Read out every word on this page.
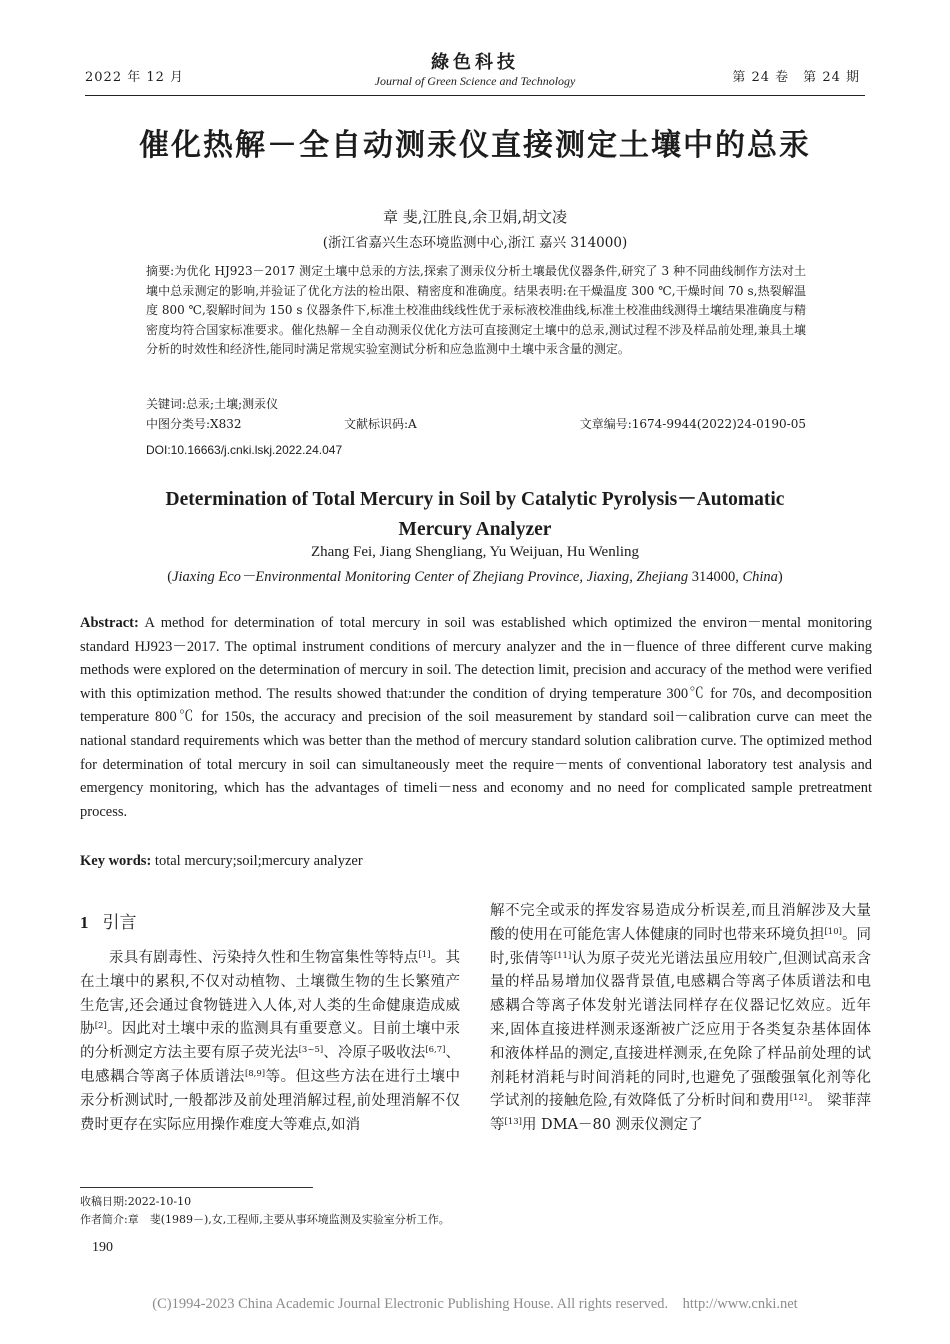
2022 年 12 月
綠色科技
Journal of Green Science and Technology	第 24 卷　第 24 期
催化热解－全自动测汞仪直接测定土壤中的总汞
章 斐,江胜良,余卫娟,胡文凌
(浙江省嘉兴生态环境监测中心,浙江 嘉兴 314000)
摘要:为优化 HJ923－2017 测定土壤中总汞的方法,探索了测汞仪分析土壤最优仪器条件,研究了 3 种不同曲线制作方法对土壤中总汞测定的影响,并验证了优化方法的检出限、精密度和准确度。结果表明:在干燥温度 300 ℃,干燥时间 70 s,热裂解温度 800 ℃,裂解时间为 150 s 仪器条件下,标准土校准曲线线性优于汞标液校准曲线,标准土校准曲线测得土壤结果准确度与精密度均符合国家标准要求。催化热解－全自动测汞仪优化方法可直接测定土壤中的总汞,测试过程不涉及样品前处理,兼具土壤分析的时效性和经济性,能同时满足常规实验室测试分析和应急监测中土壤中汞含量的测定。
关键词:总汞;土壤;测汞仪
中图分类号:X832	文献标识码:A	文章编号:1674-9944(2022)24-0190-05
DOI:10.16663/j.cnki.lskj.2022.24.047
Determination of Total Mercury in Soil by Catalytic Pyrolysis－Automatic
Mercury Analyzer
Zhang Fei, Jiang Shengliang, Yu Weijuan, Hu Wenling
(Jiaxing Eco－Environmental Monitoring Center of Zhejiang Province, Jiaxing, Zhejiang 314000, China)
Abstract: A method for determination of total mercury in soil was established which optimized the environ－mental monitoring standard HJ923－2017. The optimal instrument conditions of mercury analyzer and the in－fluence of three different curve making methods were explored on the determination of mercury in soil. The detection limit, precision and accuracy of the method were verified with this optimization method. The results showed that:under the condition of drying temperature 300℃ for 70s, and decomposition temperature 800℃ for 150s, the accuracy and precision of the soil measurement by standard soil－calibration curve can meet the national standard requirements which was better than the method of mercury standard solution calibration curve. The optimized method for determination of total mercury in soil can simultaneously meet the require－ments of conventional laboratory test analysis and emergency monitoring, which has the advantages of timeli－ness and economy and no need for complicated sample pretreatment process.
Key words: total mercury;soil;mercury analyzer
1 引言
汞具有剧毒性、污染持久性和生物富集性等特点[1]。其在土壤中的累积,不仅对动植物、土壤微生物的生长繁殖产生危害,还会通过食物链进入人体,对人类的生命健康造成威胁[2]。因此对土壤中汞的监测具有重要意义。目前土壤中汞的分析测定方法主要有原子荧光法[3~5]、冷原子吸收法[6,7]、电感耦合等离子体质谱法[8,9]等。但这些方法在进行土壤中汞分析测试时,一般都涉及前处理消解过程,前处理消解不仅费时更存在实际应用操作难度大等难点,如消
解不完全或汞的挥发容易造成分析误差,而且消解涉及大量酸的使用在可能危害人体健康的同时也带来环境负担[10]。同时,张倩等[11]认为原子荧光光谱法虽应用较广,但测试高汞含量的样品易增加仪器背景值,电感耦合等离子体质谱法和电感耦合等离子体发射光谱法同样存在仪器记忆效应。近年来,固体直接进样测汞逐渐被广泛应用于各类复杂基体固体和液体样品的测定,直接进样测汞,在免除了样品前处理的试剂耗材消耗与时间消耗的同时,也避免了强酸强氧化剂等化学试剂的接触危险,有效降低了分析时间和费用[12]。 梁菲萍等[13]用 DMA－80 测汞仪测定了
收稿日期:2022-10-10
作者简介:章　斐(1989－),女,工程师,主要从事环境监测及实验室分析工作。
190
(C)1994-2023 China Academic Journal Electronic Publishing House. All rights reserved.    http://www.cnki.net
